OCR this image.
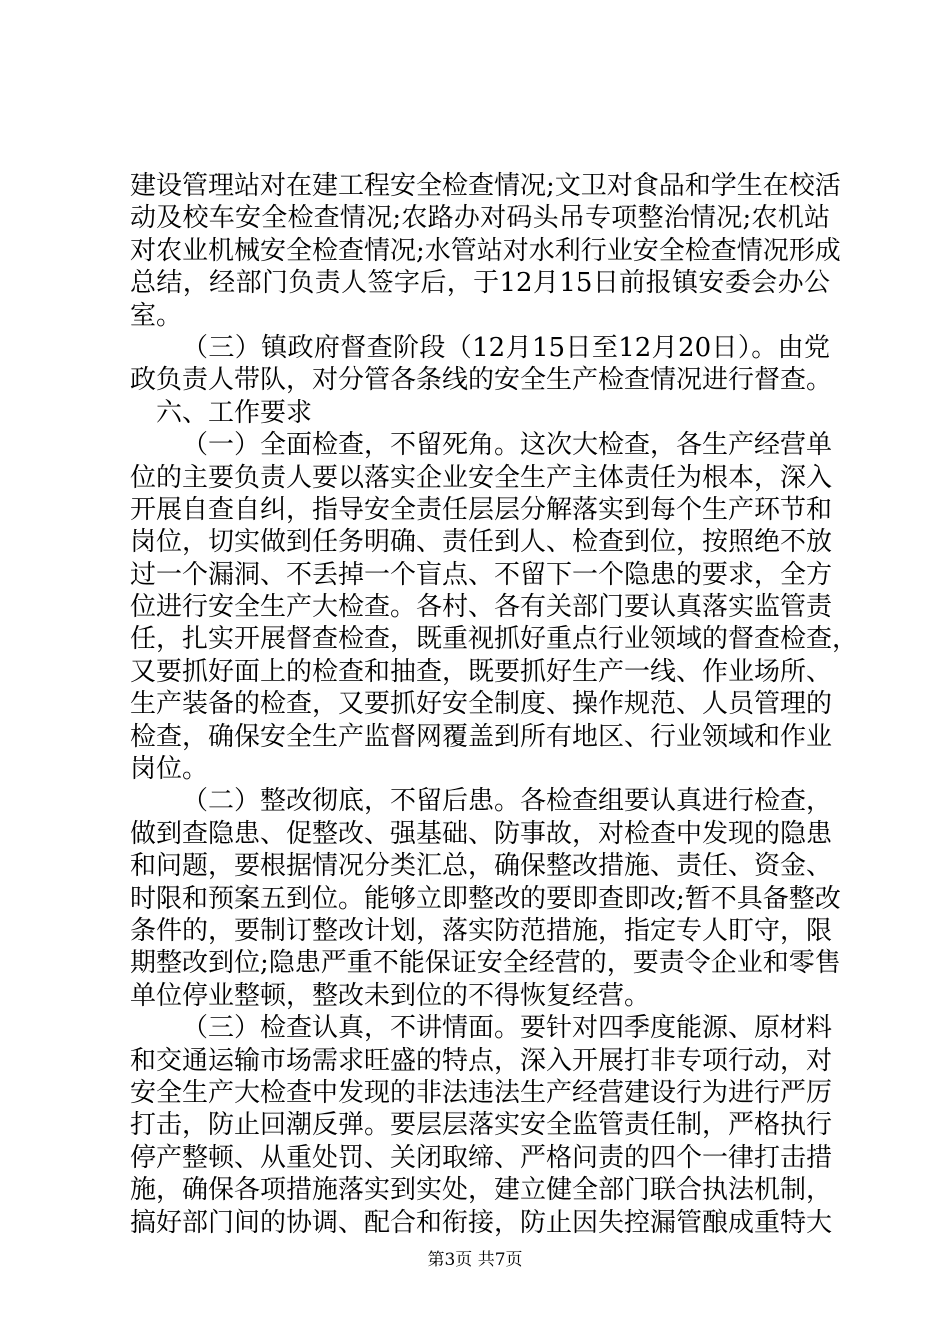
建设管理站对在建工程安全检查情况;文卫对食品和学生在校活
动及校车安全检查情况;农路办对码头吊专项整治情况;农机站
对农业机械安全检查情况;水管站对水利行业安全检查情况形成
总结，经部门负责人签字后，于12月15日前报镇安委会办公
室。
（三）镇政府督查阶段（12月15日至12月20日）。由党
政负责人带队，对分管各条线的安全生产检查情况进行督查。
六、工作要求
（一）全面检查，不留死角。这次大检查，各生产经营单
位的主要负责人要以落实企业安全生产主体责任为根本，深入
开展自查自纠，指导安全责任层层分解落实到每个生产环节和
岗位，切实做到任务明确、责任到人、检查到位，按照绝不放
过一个漏洞、不丢掉一个盲点、不留下一个隐患的要求，全方
位进行安全生产大检查。各村、各有关部门要认真落实监管责
任，扎实开展督查检查，既重视抓好重点行业领域的督查检查，
又要抓好面上的检查和抽查，既要抓好生产一线、作业场所、
生产装备的检查，又要抓好安全制度、操作规范、人员管理的
检查，确保安全生产监督网覆盖到所有地区、行业领域和作业
岗位。
（二）整改彻底，不留后患。各检查组要认真进行检查，
做到查隐患、促整改、强基础、防事故，对检查中发现的隐患
和问题，要根据情况分类汇总，确保整改措施、责任、资金、
时限和预案五到位。能够立即整改的要即查即改;暂不具备整改
条件的，要制订整改计划，落实防范措施，指定专人盯守，限
期整改到位;隐患严重不能保证安全经营的，要责令企业和零售
单位停业整顿，整改未到位的不得恢复经营。
（三）检查认真，不讲情面。要针对四季度能源、原材料
和交通运输市场需求旺盛的特点，深入开展打非专项行动，对
安全生产大检查中发现的非法违法生产经营建设行为进行严厉
打击，防止回潮反弹。要层层落实安全监管责任制，严格执行
停产整顿、从重处罚、关闭取缔、严格问责的四个一律打击措
施，确保各项措施落实到实处，建立健全部门联合执法机制，
搞好部门间的协调、配合和衔接，防止因失控漏管酿成重特大
第3页 共7页
